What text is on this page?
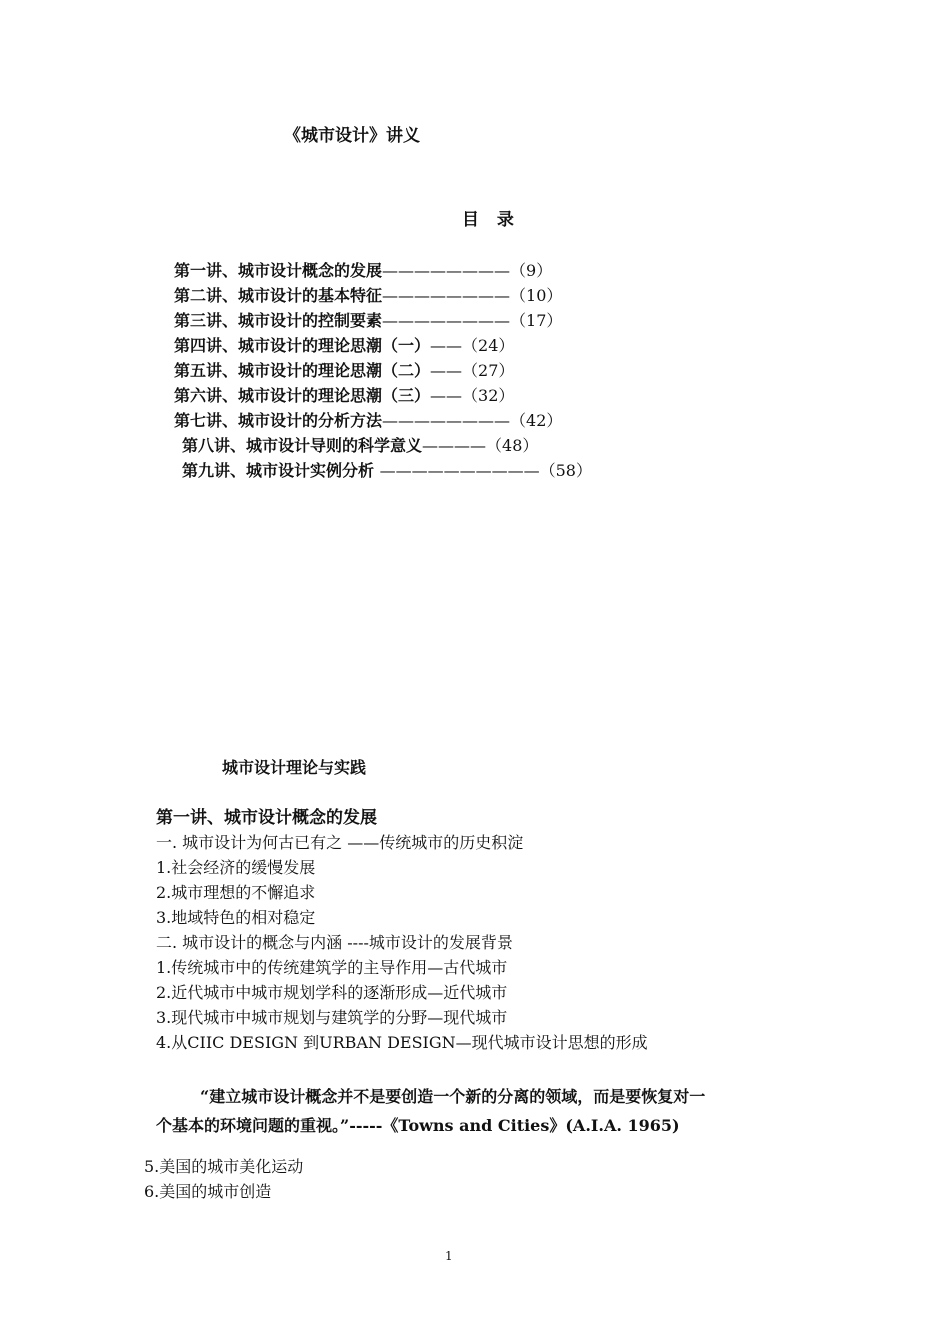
《城市设计》讲义
目  录
第一讲、城市设计概念的发展————————（9）
第二讲、城市设计的基本特征————————（10）
第三讲、城市设计的控制要素————————（17）
第四讲、城市设计的理论思潮（一）——（24）
第五讲、城市设计的理论思潮（二）——（27）
第六讲、城市设计的理论思潮（三）——（32）
第七讲、城市设计的分析方法————————（42）
第八讲、城市设计导则的科学意义————（48）
第九讲、城市设计实例分析 ——————————（58）
城市设计理论与实践
第一讲、城市设计概念的发展
一. 城市设计为何古已有之 ——传统城市的历史积淀
1.社会经济的缓慢发展
2.城市理想的不懈追求
3.地域特色的相对稳定
二. 城市设计的概念与内涵 ----城市设计的发展背景
1.传统城市中的传统建筑学的主导作用—古代城市
2.近代城市中城市规划学科的逐渐形成—近代城市
3.现代城市中城市规划与建筑学的分野—现代城市
4.从CIIC DESIGN 到URBAN DESIGN—现代城市设计思想的形成
“建立城市设计概念并不是要创造一个新的分离的领域，而是要恢复对一
个基本的环境问题的重视。”-----《Towns and Cities》(A.I.A. 1965)
5.美国的城市美化运动
6.美国的城市创造
1
